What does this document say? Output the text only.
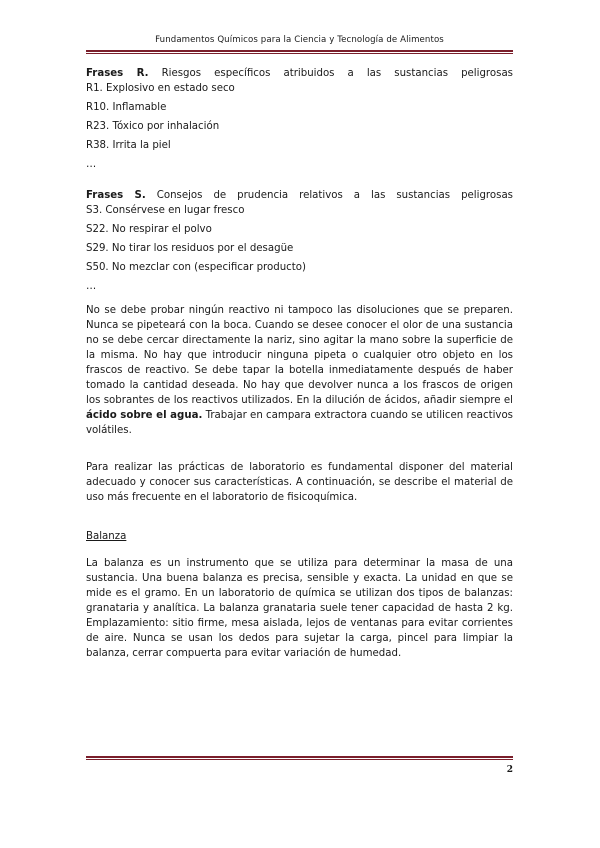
Fundamentos Químicos para la Ciencia y Tecnología de Alimentos

Frases R. Riesgos específicos atribuidos a las sustancias peligrosas

R1. Explosivo en estado seco

R10. Inflamable

R23. Tóxico por inhalación

R38. Irrita la piel

…

Frases S. Consejos de prudencia relativos a las sustancias peligrosas

S3. Consérvese en lugar fresco

S22. No respirar el polvo

S29. No tirar los residuos por el desagüe

S50. No mezclar con (especificar producto)

…

No se debe probar ningún reactivo ni tampoco las disoluciones que se preparen. Nunca se pipeteará con la boca. Cuando se desee conocer el olor de una sustancia no se debe cercar directamente la nariz, sino agitar la mano sobre la superficie de la misma. No hay que introducir ninguna pipeta o cualquier otro objeto en los frascos de reactivo. Se debe tapar la botella inmediatamente después de haber tomado la cantidad deseada. No hay que devolver nunca a los frascos de origen los sobrantes de los reactivos utilizados. En la dilución de ácidos, añadir siempre el ácido sobre el agua. Trabajar en campara extractora cuando se utilicen reactivos volátiles.

Para realizar las prácticas de laboratorio es fundamental disponer del material adecuado y conocer sus características. A continuación, se describe el material de uso más frecuente en el laboratorio de fisicoquímica.

Balanza

La balanza es un instrumento que se utiliza para determinar la masa de una sustancia. Una buena balanza es precisa, sensible y exacta. La unidad en que se mide es el gramo. En un laboratorio de química se utilizan dos tipos de balanzas: granataria y analítica. La balanza granataria suele tener capacidad de hasta 2 kg. Emplazamiento: sitio firme, mesa aislada, lejos de ventanas para evitar corrientes de aire. Nunca se usan los dedos para sujetar la carga, pincel para limpiar la balanza, cerrar compuerta para evitar variación de humedad.

2
